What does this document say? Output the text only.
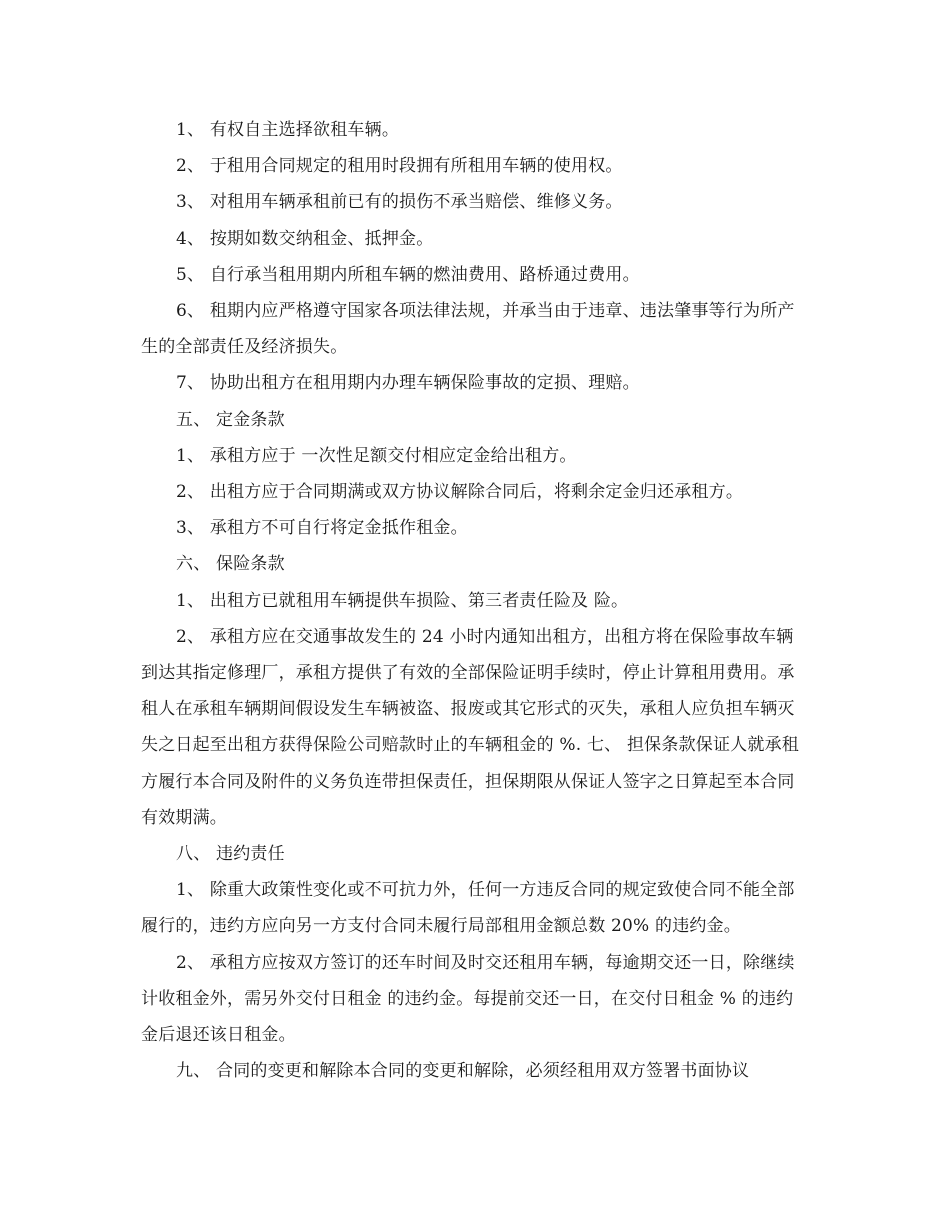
1、 有权自主选择欲租车辆。

2、 于租用合同规定的租用时段拥有所租用车辆的使用权。

3、 对租用车辆承租前已有的损伤不承当赔偿、维修义务。

4、 按期如数交纳租金、抵押金。

5、 自行承当租用期内所租车辆的燃油费用、路桥通过费用。

6、 租期内应严格遵守国家各项法律法规，并承当由于违章、违法肇事等行为所产生的全部责任及经济损失。

7、 协助出租方在租用期内办理车辆保险事故的定损、理赔。

五、 定金条款

1、 承租方应于 一次性足额交付相应定金给出租方。

2、 出租方应于合同期满或双方协议解除合同后，将剩余定金归还承租方。

3、 承租方不可自行将定金抵作租金。

六、 保险条款

1、 出租方已就租用车辆提供车损险、第三者责任险及 险。

2、 承租方应在交通事故发生的 24 小时内通知出租方，出租方将在保险事故车辆到达其指定修理厂，承租方提供了有效的全部保险证明手续时，停止计算租用费用。承租人在承租车辆期间假设发生车辆被盗、报废或其它形式的灭失，承租人应负担车辆灭失之日起至出租方获得保险公司赔款时止的车辆租金的 %. 七、 担保条款保证人就承租方履行本合同及附件的义务负连带担保责任，担保期限从保证人签字之日算起至本合同有效期满。

八、 违约责任

1、 除重大政策性变化或不可抗力外，任何一方违反合同的规定致使合同不能全部履行的，违约方应向另一方支付合同未履行局部租用金额总数 20% 的违约金。

2、 承租方应按双方签订的还车时间及时交还租用车辆，每逾期交还一日，除继续计收租金外，需另外交付日租金 的违约金。每提前交还一日，在交付日租金 % 的违约金后退还该日租金。

九、 合同的变更和解除本合同的变更和解除，必须经租用双方签署书面协议
